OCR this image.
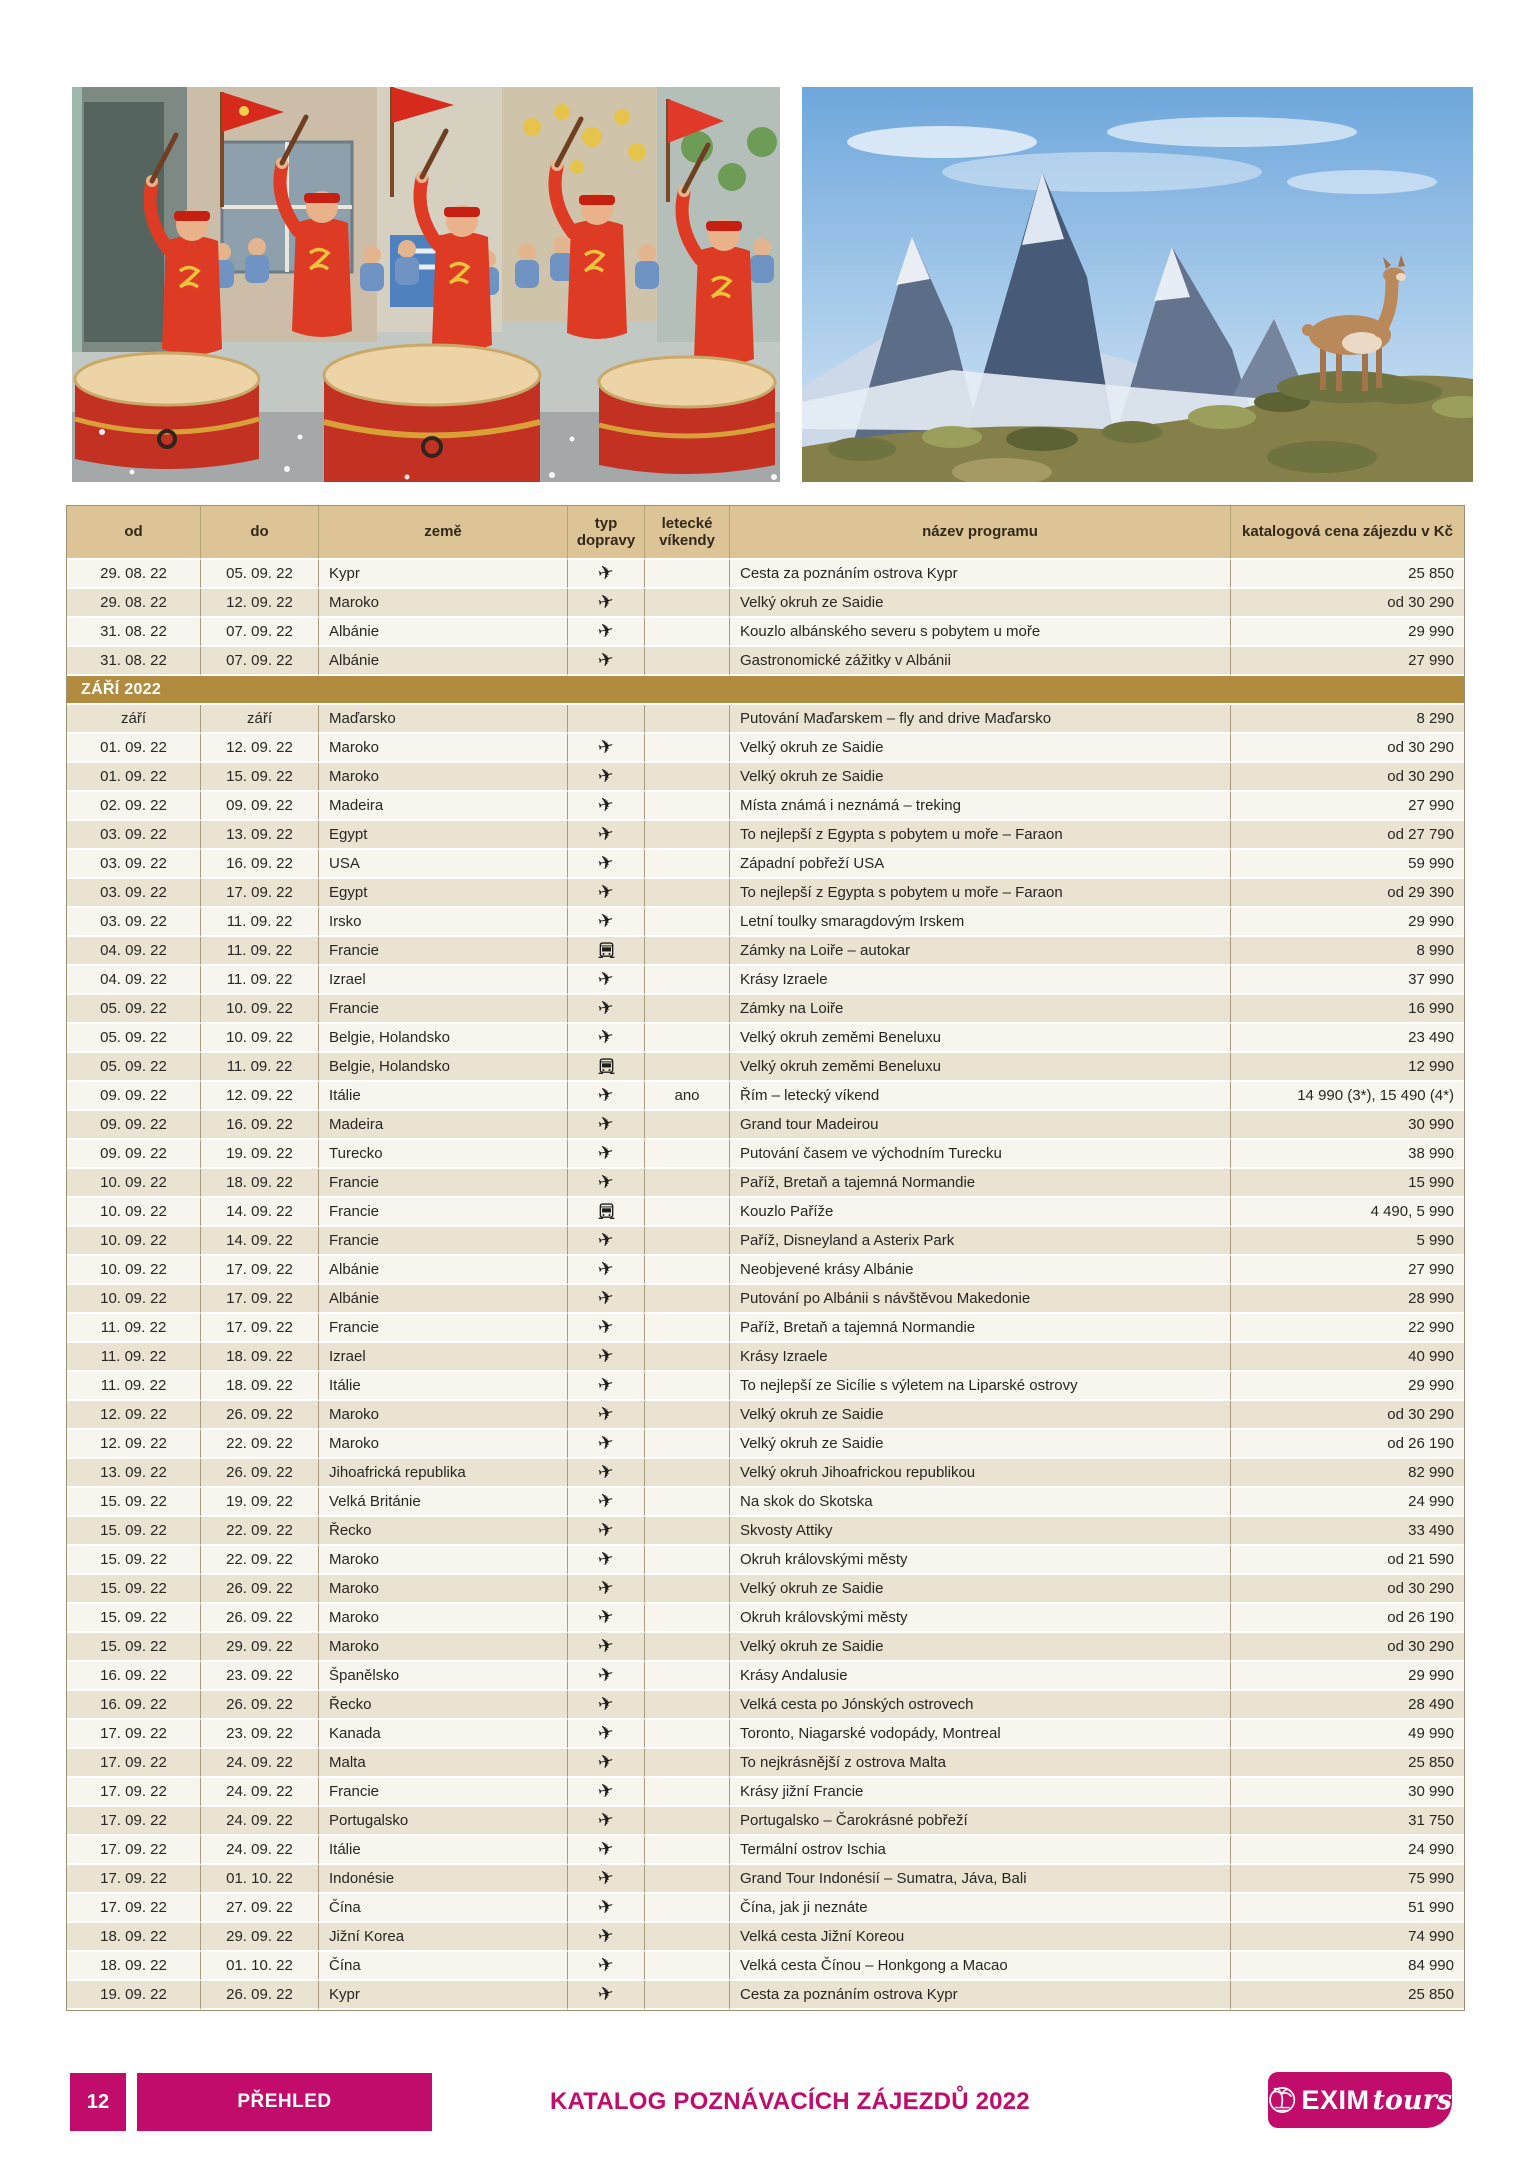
od	do	země	typ dopravy	letecké víkendy	název programu	katalogová cena zájezdu v Kč
29. 08. 22	05. 09. 22	Kypr	✈		Cesta za poznáním ostrova Kypr	25 850
29. 08. 22	12. 09. 22	Maroko	✈		Velký okruh ze Saidie	od 30 290
31. 08. 22	07. 09. 22	Albánie	✈		Kouzlo albánského severu s pobytem u moře	29 990
31. 08. 22	07. 09. 22	Albánie	✈		Gastronomické zážitky v Albánii	27 990
ZÁŘÍ 2022						
září	září	Maďarsko			Putování Maďarskem – fly and drive Maďarsko	8 290
01. 09. 22	12. 09. 22	Maroko	✈		Velký okruh ze Saidie	od 30 290
01. 09. 22	15. 09. 22	Maroko	✈		Velký okruh ze Saidie	od 30 290
02. 09. 22	09. 09. 22	Madeira	✈		Místa známá i neznámá – treking	27 990
03. 09. 22	13. 09. 22	Egypt	✈		To nejlepší z Egypta s pobytem u moře – Faraon	od 27 790
03. 09. 22	16. 09. 22	USA	✈		Západní pobřeží USA	59 990
03. 09. 22	17. 09. 22	Egypt	✈		To nejlepší z Egypta s pobytem u moře – Faraon	od 29 390
03. 09. 22	11. 09. 22	Irsko	✈		Letní toulky smaragdovým Irskem	29 990
04. 09. 22	11. 09. 22	Francie			Zámky na Loiře – autokar	8 990
04. 09. 22	11. 09. 22	Izrael	✈		Krásy Izraele	37 990
05. 09. 22	10. 09. 22	Francie	✈		Zámky na Loiře	16 990
05. 09. 22	10. 09. 22	Belgie, Holandsko	✈		Velký okruh zeměmi Beneluxu	23 490
05. 09. 22	11. 09. 22	Belgie, Holandsko			Velký okruh zeměmi Beneluxu	12 990
09. 09. 22	12. 09. 22	Itálie	✈	ano	Řím – letecký víkend	14 990 (3*), 15 490 (4*)
09. 09. 22	16. 09. 22	Madeira	✈		Grand tour Madeirou	30 990
09. 09. 22	19. 09. 22	Turecko	✈		Putování časem ve východním Turecku	38 990
10. 09. 22	18. 09. 22	Francie	✈		Paříž, Bretaň a tajemná Normandie	15 990
10. 09. 22	14. 09. 22	Francie			Kouzlo Paříže	4 490, 5 990
10. 09. 22	14. 09. 22	Francie	✈		Paříž, Disneyland a Asterix Park	5 990
10. 09. 22	17. 09. 22	Albánie	✈		Neobjevené krásy Albánie	27 990
10. 09. 22	17. 09. 22	Albánie	✈		Putování po Albánii s návštěvou Makedonie	28 990
11. 09. 22	17. 09. 22	Francie	✈		Paříž, Bretaň a tajemná Normandie	22 990
11. 09. 22	18. 09. 22	Izrael	✈		Krásy Izraele	40 990
11. 09. 22	18. 09. 22	Itálie	✈		To nejlepší ze Sicílie s výletem na Liparské ostrovy	29 990
12. 09. 22	26. 09. 22	Maroko	✈		Velký okruh ze Saidie	od 30 290
12. 09. 22	22. 09. 22	Maroko	✈		Velký okruh ze Saidie	od 26 190
13. 09. 22	26. 09. 22	Jihoafrická republika	✈		Velký okruh Jihoafrickou republikou	82 990
15. 09. 22	19. 09. 22	Velká Británie	✈		Na skok do Skotska	24 990
15. 09. 22	22. 09. 22	Řecko	✈		Skvosty Attiky	33 490
15. 09. 22	22. 09. 22	Maroko	✈		Okruh královskými městy	od 21 590
15. 09. 22	26. 09. 22	Maroko	✈		Velký okruh ze Saidie	od 30 290
15. 09. 22	26. 09. 22	Maroko	✈		Okruh královskými městy	od 26 190
15. 09. 22	29. 09. 22	Maroko	✈		Velký okruh ze Saidie	od 30 290
16. 09. 22	23. 09. 22	Španělsko	✈		Krásy Andalusie	29 990
16. 09. 22	26. 09. 22	Řecko	✈		Velká cesta po Jónských ostrovech	28 490
17. 09. 22	23. 09. 22	Kanada	✈		Toronto, Niagarské vodopády, Montreal	49 990
17. 09. 22	24. 09. 22	Malta	✈		To nejkrásnější z ostrova Malta	25 850
17. 09. 22	24. 09. 22	Francie	✈		Krásy jižní Francie	30 990
17. 09. 22	24. 09. 22	Portugalsko	✈		Portugalsko – Čarokrásné pobřeží	31 750
17. 09. 22	24. 09. 22	Itálie	✈		Termální ostrov Ischia	24 990
17. 09. 22	01. 10. 22	Indonésie	✈		Grand Tour Indonésií – Sumatra, Jáva, Bali	75 990
17. 09. 22	27. 09. 22	Čína	✈		Čína, jak ji neznáte	51 990
18. 09. 22	29. 09. 22	Jižní Korea	✈		Velká cesta Jižní Koreou	74 990
18. 09. 22	01. 10. 22	Čína	✈		Velká cesta Čínou – Honkgong a Macao	84 990
19. 09. 22	26. 09. 22	Kypr	✈		Cesta za poznáním ostrova Kypr	25 850
12	PŘEHLED	KATALOG POZNÁVACÍCH ZÁJEZDŮ 2022	EXIM tours
